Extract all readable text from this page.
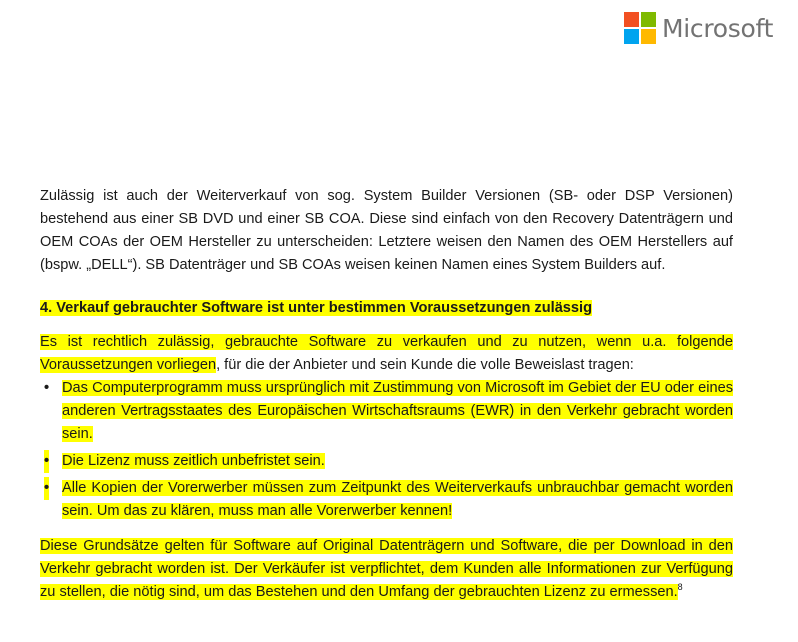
Microsoft

Zulässig ist auch der Weiterverkauf von sog. System Builder Versionen (SB- oder DSP Versionen) bestehend aus einer SB DVD und einer SB COA. Diese sind einfach von den Recovery Datenträgern und OEM COAs der OEM Hersteller zu unterscheiden: Letztere weisen den Namen des OEM Herstellers auf (bspw. „DELL“). SB Datenträger und SB COAs weisen keinen Namen eines System Builders auf.

4. Verkauf gebrauchter Software ist unter bestimmen Voraussetzungen zulässig

Es ist rechtlich zulässig, gebrauchte Software zu verkaufen und zu nutzen, wenn u.a. folgende Voraussetzungen vorliegen, für die der Anbieter und sein Kunde die volle Beweislast tragen:

• Das Computerprogramm muss ursprünglich mit Zustimmung von Microsoft im Gebiet der EU oder eines anderen Vertragsstaates des Europäischen Wirtschaftsraums (EWR) in den Verkehr gebracht worden sein.
• Die Lizenz muss zeitlich unbefristet sein.
• Alle Kopien der Vorerwerber müssen zum Zeitpunkt des Weiterverkaufs unbrauchbar gemacht worden sein. Um das zu klären, muss man alle Vorerwerber kennen!

Diese Grundsätze gelten für Software auf Original Datenträgern und Software, die per Download in den Verkehr gebracht worden ist. Der Verkäufer ist verpflichtet, dem Kunden alle Informationen zur Verfügung zu stellen, die nötig sind, um das Bestehen und den Umfang der gebrauchten Lizenz zu ermessen.$^8$
